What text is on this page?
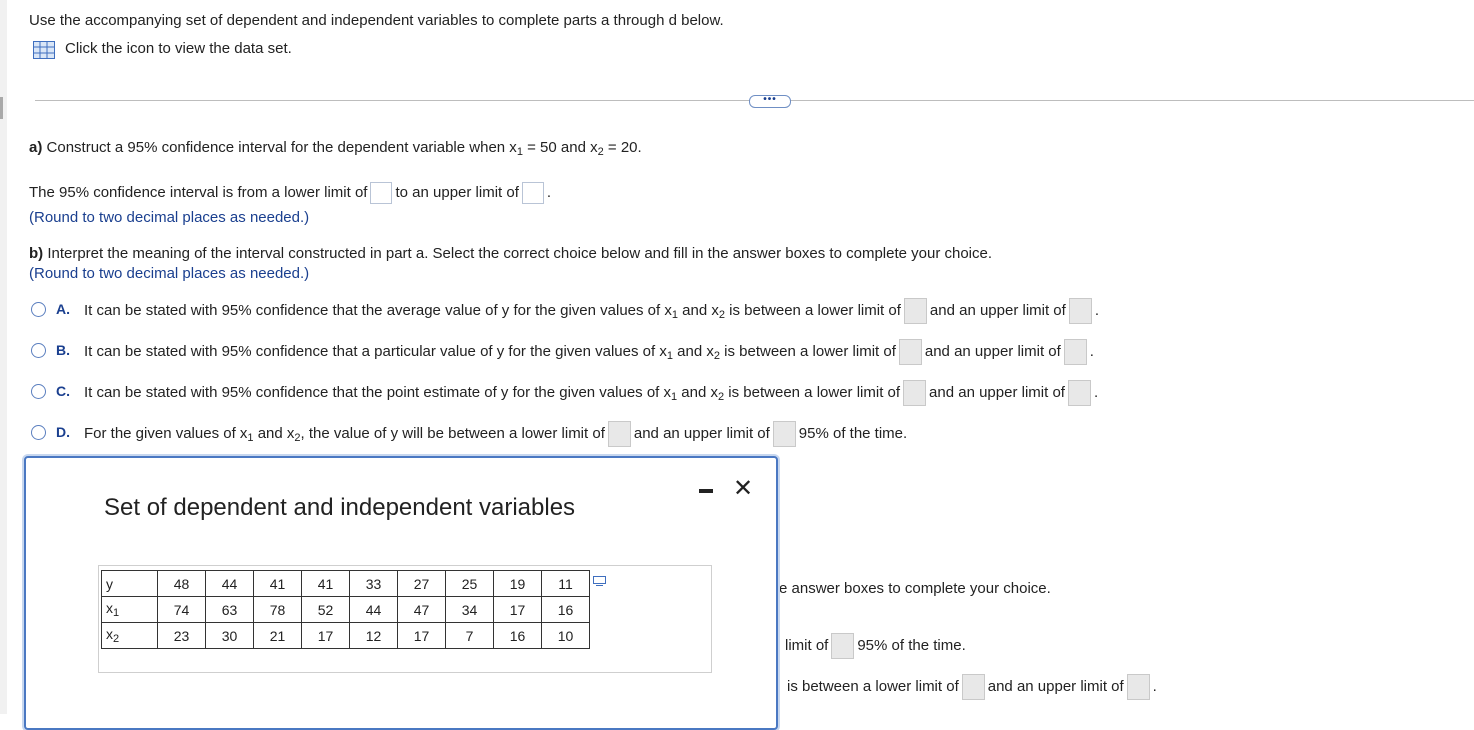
Use the accompanying set of dependent and independent variables to complete parts a through d below.
Click the icon to view the data set.
•••
a) Construct a 95% confidence interval for the dependent variable when $x_1 = 50$ and $x_2 = 20$.
The 95% confidence interval is from a lower limit of to an upper limit of .
(Round to two decimal places as needed.)
b) Interpret the meaning of the interval constructed in part a. Select the correct choice below and fill in the answer boxes to complete your choice.
(Round to two decimal places as needed.)
A. It can be stated with 95% confidence that the average value of y for the given values of $x_1$ and $x_2$ is between a lower limit of and an upper limit of .
B. It can be stated with 95% confidence that a particular value of y for the given values of $x_1$ and $x_2$ is between a lower limit of and an upper limit of .
C. It can be stated with 95% confidence that the point estimate of y for the given values of $x_1$ and $x_2$ is between a lower limit of and an upper limit of .
D. For the given values of $x_1$ and $x_2$, the value of y will be between a lower limit of and an upper limit of 95% of the time.
e answer boxes to complete your choice.
limit of 95% of the time.
is between a lower limit of and an upper limit of .
Set of dependent and independent variables
✕
y	48	44	41	41	33	27	25	19	11
$x_1$	74	63	78	52	44	47	34	17	16
$x_2$	23	30	21	17	12	17	7	16	10
